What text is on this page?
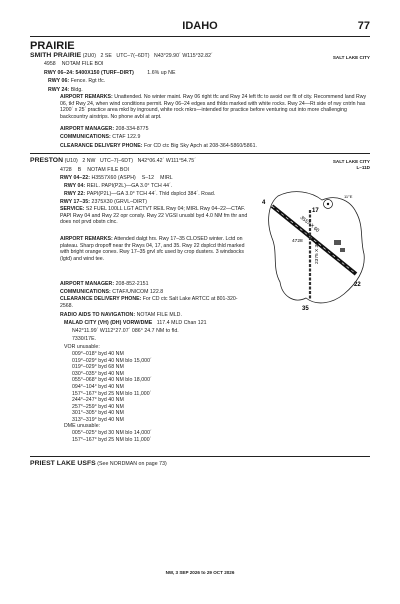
IDAHO	77
PRAIRIE
SMITH PRAIRIE (2U0) 2 SE UTC–7(–6DT) N43°29.90´ W115°32.82´	SALT LAKE CITY
4958 NOTAM FILE BOI
RWY 06–24: 5400X150 (TURF–DIRT)	1.6% up NE
RWY 06: Fence. Rgt tfc.
RWY 24: Bldg.
AIRPORT REMARKS: Unattended. No winter maint. Rwy 06 right tfc and Rwy 24 left tfc to avoid ovr flt of city. Recommend land Rwy 06, tkf Rwy 24, when wind conditions permit. Rwy 06–24 edges and thlds marked with white rocks. Rwy 24—Rt side of rwy cntrln has 1200´ x 25´ practice area mkd by inground, white rock mkrs—intended for practice before venturing out into more challenging backcountry airstrips. No phone avbl at arpt.
AIRPORT MANAGER: 208-334-8775
COMMUNICATIONS: CTAF 122.9
CLEARANCE DELIVERY PHONE: For CD ctc Big Sky Apch at 208-364-5860/5861.
PRESTON (U10) 2 NW UTC–7(–6DT) N42°06.42´ W111°54.75´	SALT LAKE CITY
L–11D
4728 B NOTAM FILE BOI
RWY 04–22: H3557X60 (ASPH) S–12 MIRL
RWY 04: REIL. PAPI(P2L)—GA 3.0° TCH 44´.
RWY 22: PAPI(P2L)—GA 3.0° TCH 44´. Thld dsplcd 384´. Road.
RWY 17–35: 2375X30 (GRVL–DIRT)
SERVICE: S2 FUEL 100LL LGT ACTVT REIL Rwy 04; MIRL Rwy 04–22—CTAF. PAPI Rwy 04 and Rwy 22 opr consly. Rwy 22 VGSI unusbl byd 4.0 NM fm thr and does not prvd obstn clnc.
AIRPORT REMARKS: Attended dalgt hrs. Rwy 17–35 CLOSED winter. Lctd on plateau. Sharp dropoff near thr Rwys 04, 17, and 35. Rwy 22 dsplcd thld marked with bright orange cones. Rwy 17–35 grvl sfc used by crop dusters. 3 windsocks (lgtd) and wind tee.
AIRPORT MANAGER: 208-852-2151
COMMUNICATIONS: CTAF/UNICOM 122.8
CLEARANCE DELIVERY PHONE: For CD ctc Salt Lake ARTCC at 801-320-2568.
RADIO AIDS TO NAVIGATION: NOTAM FILE MLD.
MALAD CITY (VH) (DH) VORW/DME 117.4 MLD Chan 121
N42°11.99´ W112°27.07´ 086° 24.7 NM to fld.
7330/17E.
VOR unusable:
009°–018° byd 40 NM
019°–029° byd 40 NM blo 15,000´
019°–029° byd 68 NM
030°–035° byd 40 NM
055°–068° byd 40 NM blo 18,000´
094°–104° byd 40 NM
157°–167° byd 25 NM blo 11,000´
244°–247° byd 40 NM
257°–259° byd 40 NM
301°–305° byd 40 NM
313°–319° byd 40 NM
DME unusable:
005°–025° byd 30 NM blo 14,000´
157°–167° byd 25 NM blo 11,000´
3557 X 60
2375 X 30
4728
4
22
17
35
11°E
PRIEST LAKE USFS (See NORDMAN on page 73)
NW, 3 SEP 2026 to 29 OCT 2026
